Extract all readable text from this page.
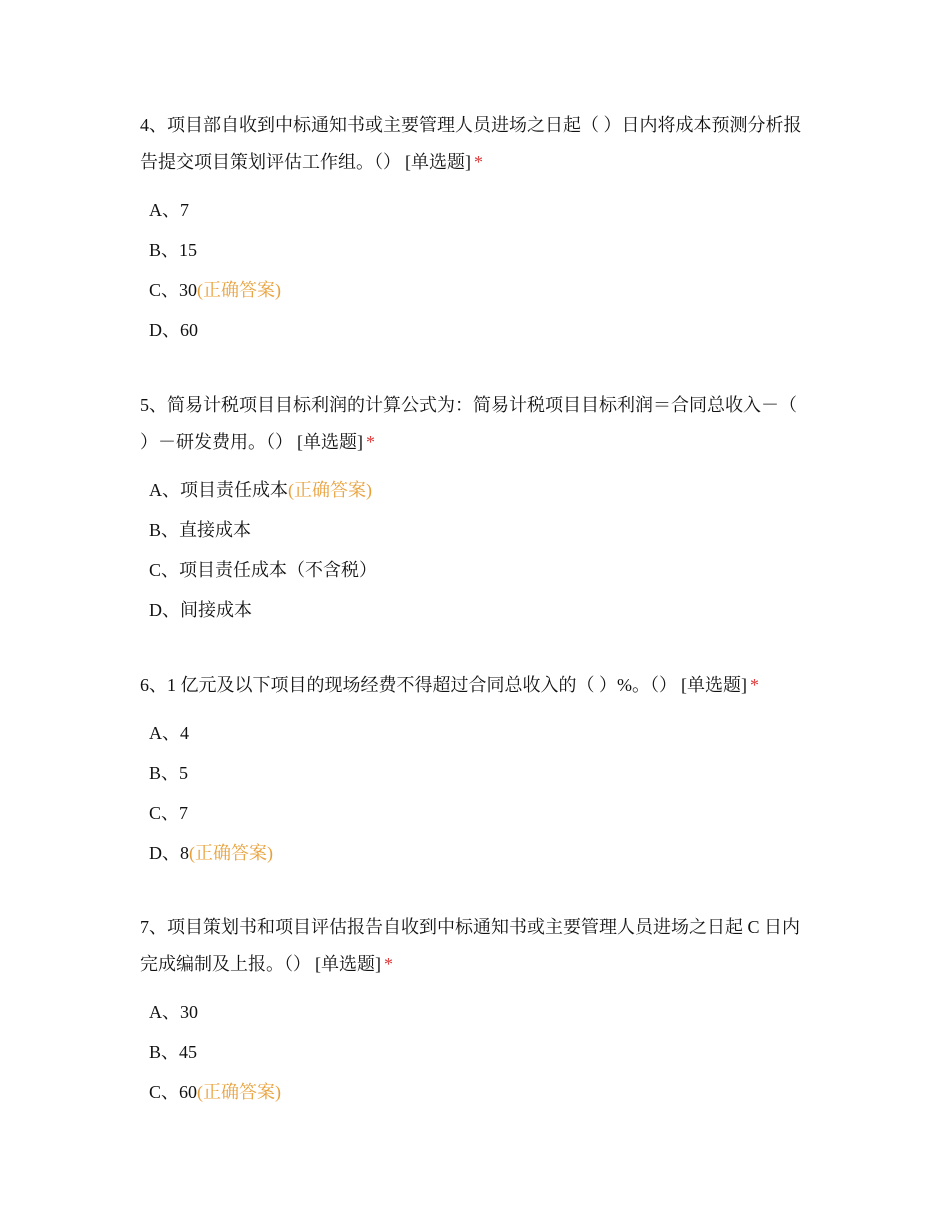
4、项目部自收到中标通知书或主要管理人员进场之日起（ ）日内将成本预测分析报告提交项目策划评估工作组。（） [单选题] *

A、7
B、15
C、30(正确答案)
D、60

5、简易计税项目目标利润的计算公式为：简易计税项目目标利润＝合同总收入－（ ）－研发费用。（） [单选题] *

A、项目责任成本(正确答案)
B、直接成本
C、项目责任成本（不含税）
D、间接成本

6、1 亿元及以下项目的现场经费不得超过合同总收入的（ ）%。（） [单选题] *

A、4
B、5
C、7
D、8(正确答案)

7、项目策划书和项目评估报告自收到中标通知书或主要管理人员进场之日起 C 日内完成编制及上报。（） [单选题] *

A、30
B、45
C、60(正确答案)
